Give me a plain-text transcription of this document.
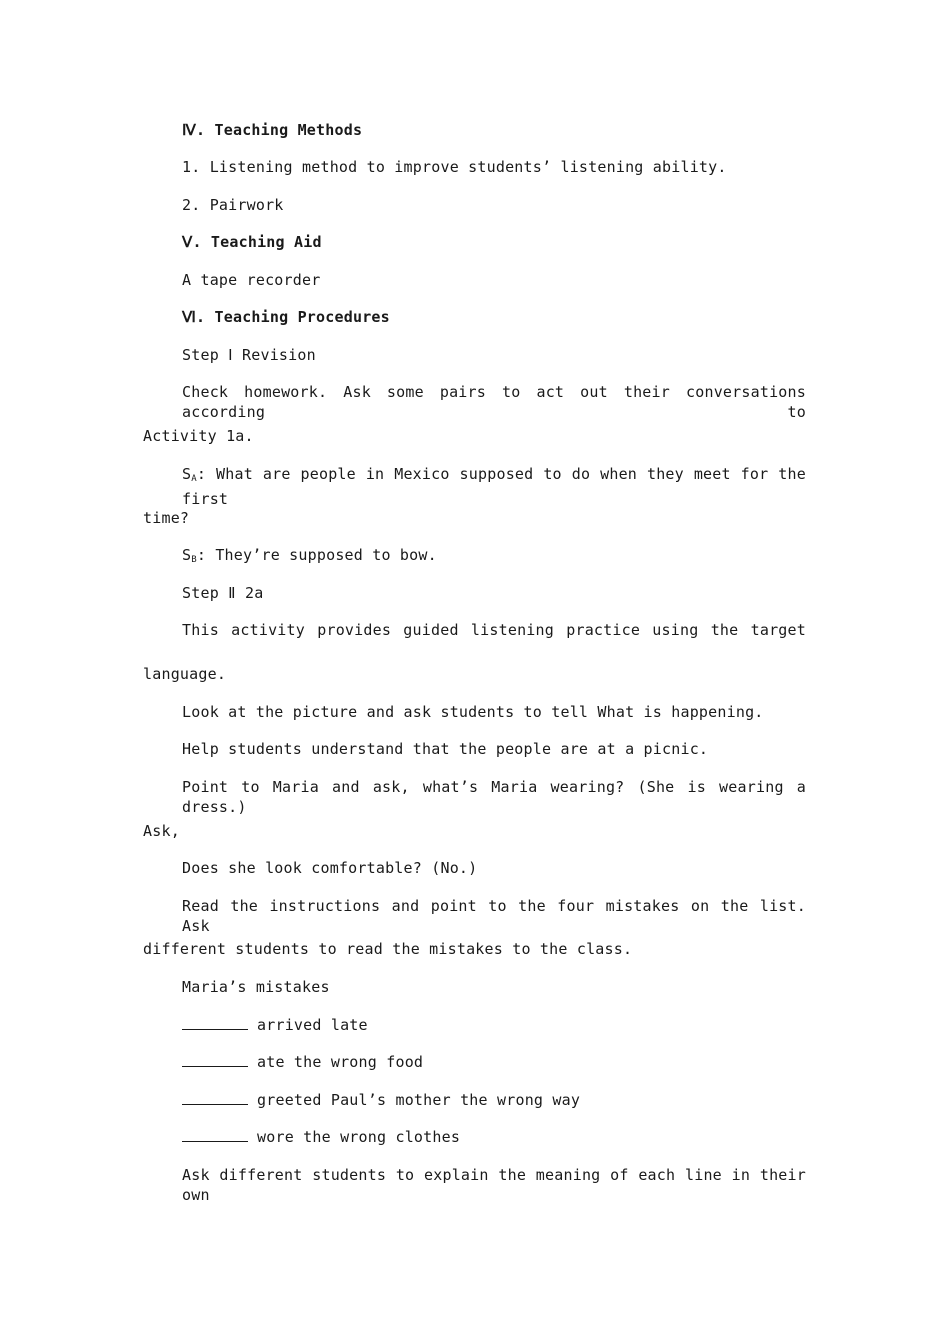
Ⅳ. Teaching Methods
1. Listening method to improve students’ listening ability.
2. Pairwork
Ⅴ. Teaching Aid
A tape recorder
Ⅵ. Teaching Procedures
Step Ⅰ Revision
Check homework. Ask some pairs to act out their conversations according to
Activity 1a.
$S_A$: What are people in Mexico supposed to do when they meet for the first
time?
$S_B$: They’re supposed to bow.
Step Ⅱ 2a
This activity provides guided listening practice using the target
language.
Look at the picture and ask students to tell What is happening.
Help students understand that the people are at a picnic.
Point to Maria and ask, what’s Maria wearing? (She is wearing a dress.)
Ask,
Does she look comfortable? (No.)
Read the instructions and point to the four mistakes on the list. Ask
different students to read the mistakes to the class.
Maria’s mistakes
arrived late
ate the wrong food
greeted Paul’s mother the wrong way
wore the wrong clothes
Ask different students to explain the meaning of each line in their own
